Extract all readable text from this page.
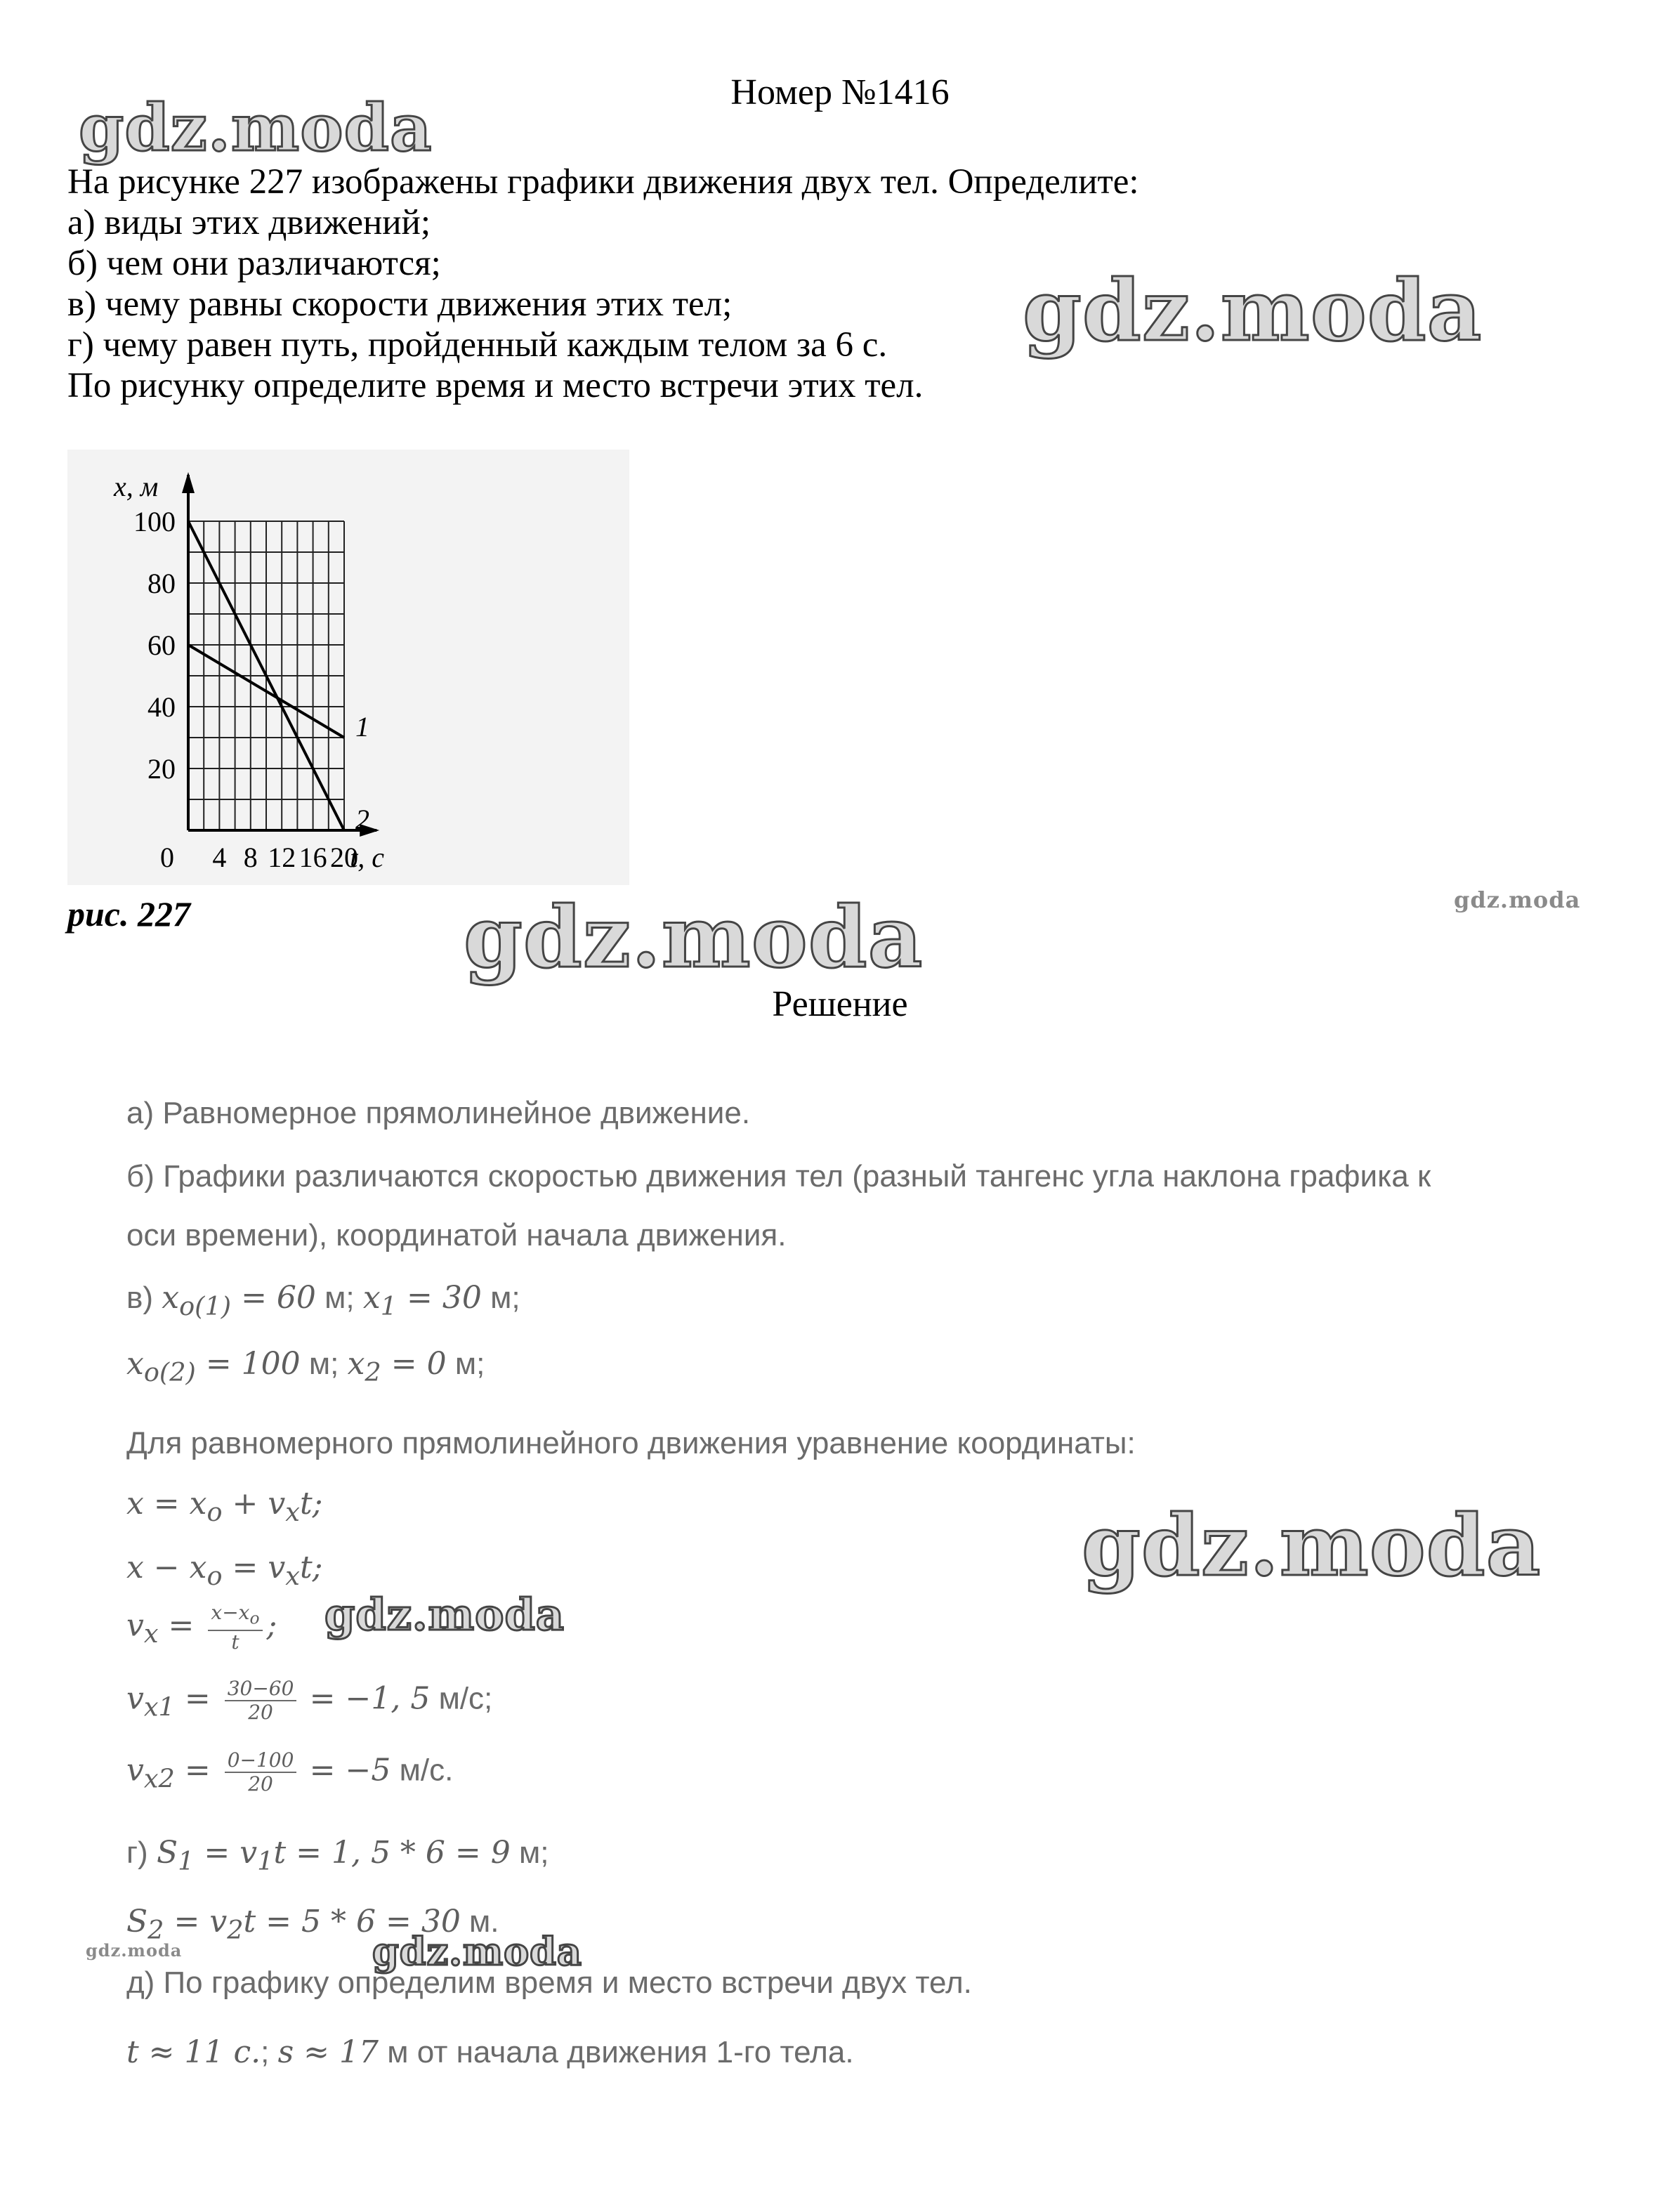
Номер №1416
gdz.moda
gdz.moda
gdz.moda
gdz.moda
gdz.moda
gdz.moda
gdz.moda	gdz.moda
На рисунке 227 изображены графики движения двух тел. Определите:
а) виды этих движений;
б) чем они различаются;
в) чему равны скорости движения этих тел;
г) чему равен путь, пройденный каждым телом за 6 с.
По рисунку определите время и место встречи этих тел.
20
40
60
80
100
0 4 8 12 16 20
x, м
t, с
1
2
рис. 227
Решение
а) Равномерное прямолинейное движение.
б) Графики различаются скоростью движения тел (разный тангенс угла наклона графика к
оси времени), координатой начала движения.
в) $x_{o(1)} = 60$ м; $x_1 = 30$ м;
$x_{o(2)} = 100$ м; $x_2 = 0$ м;
Для равномерного прямолинейного движения уравнение координаты:
$x = x_o + v_xt$;
$x - x_o = v_xt$;
$v_x = \frac{x-x_o}{t}$ ;
$v_{x1} = \frac{30-60}{20} = -1$, 5 м/с;
$v_{x2} = \frac{0-100}{20} = -5$ м/с.
г) $S_1 = v_1t = 1$, 5 * 6 = 9 м;
$S_2 = v_2t = 5 * 6 = 30$ м.
д) По графику определим время и место встречи двух тел.
t ≈ 11 с.; s ≈ 17 м от начала движения 1-го тела.
